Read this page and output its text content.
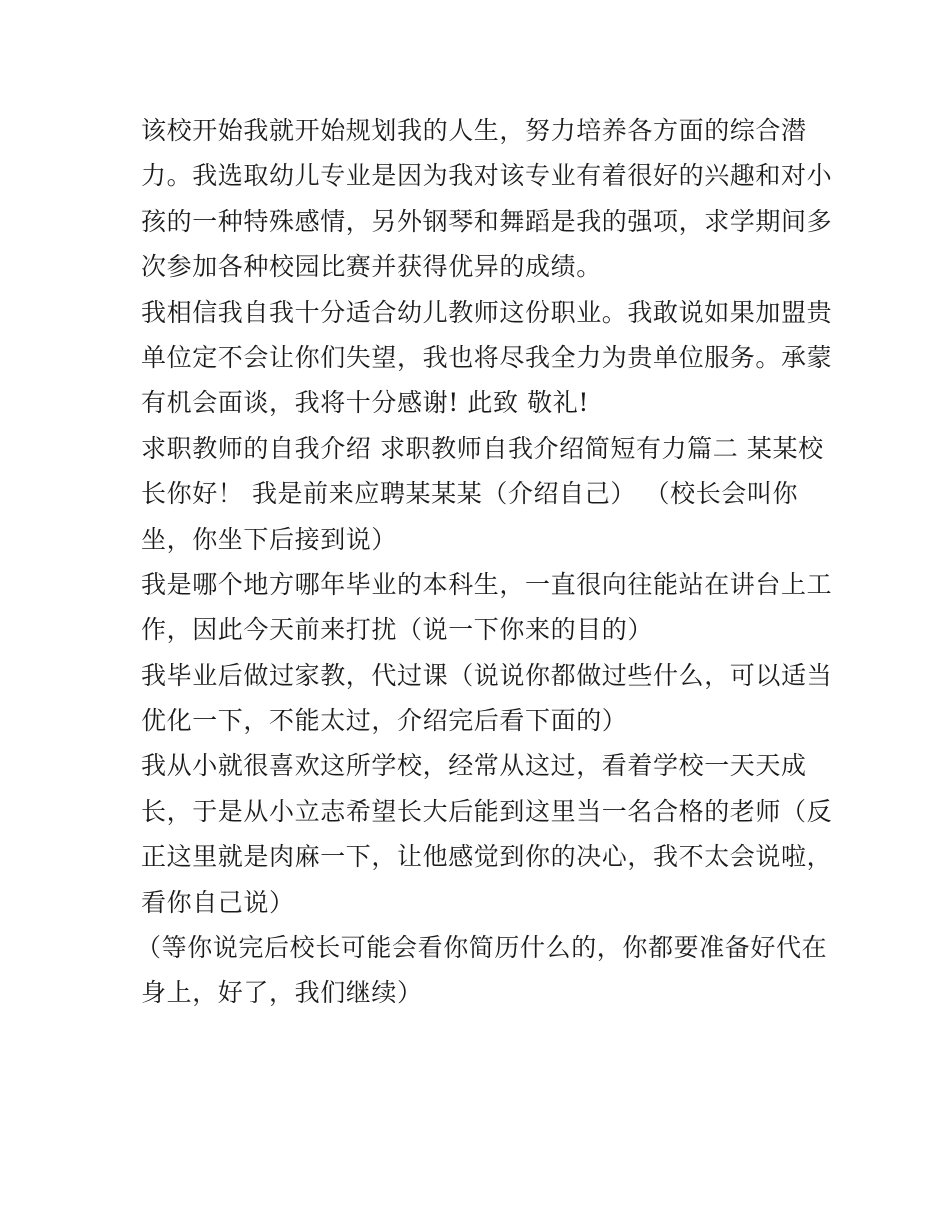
该校开始我就开始规划我的人生，努力培养各方面的综合潜
力。我选取幼儿专业是因为我对该专业有着很好的兴趣和对小
孩的一种特殊感情，另外钢琴和舞蹈是我的强项，求学期间多
次参加各种校园比赛并获得优异的成绩。
我相信我自我十分适合幼儿教师这份职业。我敢说如果加盟贵
单位定不会让你们失望，我也将尽我全力为贵单位服务。承蒙
有机会面谈，我将十分感谢! 此致 敬礼!
求职教师的自我介绍 求职教师自我介绍简短有力篇二 某某校
长你好！ 我是前来应聘某某某（介绍自己） （校长会叫你
坐，你坐下后接到说）
我是哪个地方哪年毕业的本科生，一直很向往能站在讲台上工
作，因此今天前来打扰（说一下你来的目的）
我毕业后做过家教，代过课（说说你都做过些什么，可以适当
优化一下，不能太过，介绍完后看下面的）
我从小就很喜欢这所学校，经常从这过，看着学校一天天成
长，于是从小立志希望长大后能到这里当一名合格的老师（反
正这里就是肉麻一下，让他感觉到你的决心，我不太会说啦，
看你自己说）
（等你说完后校长可能会看你简历什么的，你都要准备好代在
身上，好了，我们继续）
